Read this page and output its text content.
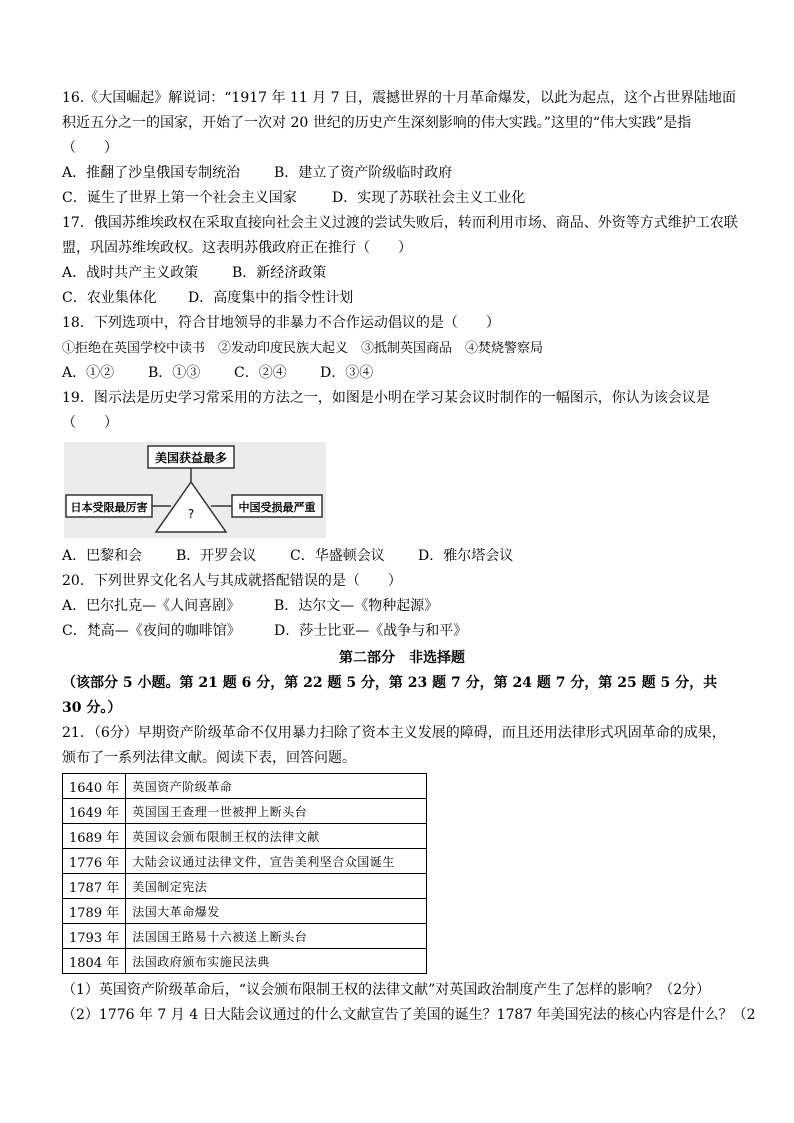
16.《大国崛起》解说词：“1917 年 11 月 7 日，震撼世界的十月革命爆发，以此为起点，这个占世界陆地面
积近五分之一的国家，开始了一次对 20 世纪的历史产生深刻影响的伟大实践。”这里的“伟大实践”是指
（　　）
A．推翻了沙皇俄国专制统治 B．建立了资产阶级临时政府
C．诞生了世界上第一个社会主义国家	D．实现了苏联社会主义工业化
17．俄国苏维埃政权在采取直接向社会主义过渡的尝试失败后，转而利用市场、商品、外资等方式维护工农联
盟，巩固苏维埃政权。这表明苏俄政府正在推行（　　）
A．战时共产主义政策 B．新经济政策
C．农业集体化 D．高度集中的指令性计划
18．下列选项中，符合甘地领导的非暴力不合作运动倡议的是（　　）
①拒绝在英国学校中读书　②发动印度民族大起义　③抵制英国商品　④焚烧警察局
A．①② B．①③ C．②④ D．③④
19．图示法是历史学习常采用的方法之一，如图是小明在学习某会议时制作的一幅图示，你认为该会议是
（　　）
美国获益最多
?
日本受限最厉害	中国受损最严重
A．巴黎和会 B．开罗会议 C．华盛顿会议 D．雅尔塔会议
20．下列世界文化名人与其成就搭配错误的是（　　）
A．巴尔扎克—《人间喜剧》 B．达尔文—《物种起源》
C．梵高—《夜间的咖啡馆》 D．莎士比亚—《战争与和平》
第二部分　非选择题
（该部分 5 小题。第 21 题 6 分，第 22 题 5 分，第 23 题 7 分，第 24 题 7 分，第 25 题 5 分，共
30 分。）
21．（6分）早期资产阶级革命不仅用暴力扫除了资本主义发展的障碍，而且还用法律形式巩固革命的成果，
颁布了一系列法律文献。阅读下表，回答问题。
1640 年	英国资产阶级革命
1649 年	英国国王查理一世被押上断头台
1689 年	英国议会颁布限制王权的法律文献
1776 年	大陆会议通过法律文件，宣告美利坚合众国诞生
1787 年	美国制定宪法
1789 年	法国大革命爆发
1793 年	法国国王路易十六被送上断头台
1804 年	法国政府颁布实施民法典
（1）英国资产阶级革命后，“议会颁布限制王权的法律文献”对英国政治制度产生了怎样的影响？（2分）
（2）1776 年 7 月 4 日大陆会议通过的什么文献宣告了美国的诞生？1787 年美国宪法的核心内容是什么？（2
